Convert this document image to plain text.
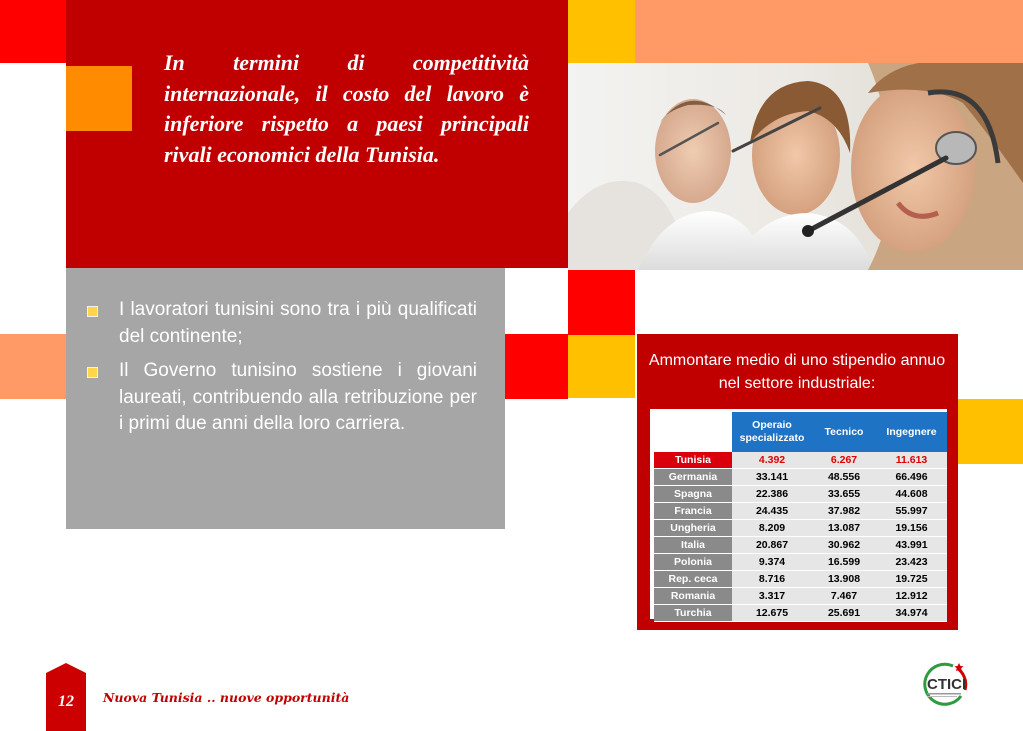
In termini di competitività internazionale, il costo del lavoro è inferiore rispetto a paesi principali rivali economici della Tunisia.

I lavoratori tunisini sono tra i più qualificati del continente;
Il Governo tunisino sostiene i giovani laureati, contribuendo alla retribuzione per i primi due anni della loro carriera.

Ammontare medio di uno stipendio annuo nel settore industriale:

	Operaio specializzato	Tecnico	Ingegnere
Tunisia	4.392	6.267	11.613
Germania	33.141	48.556	66.496
Spagna	22.386	33.655	44.608
Francia	24.435	37.982	55.997
Ungheria	8.209	13.087	19.156
Italia	20.867	30.962	43.991
Polonia	9.374	16.599	23.423
Rep. ceca	8.716	13.908	19.725
Romania	3.317	7.467	12.912
Turchia	12.675	25.691	34.974
12	Nuova Tunisia .. nuove opportunità
CTICI
